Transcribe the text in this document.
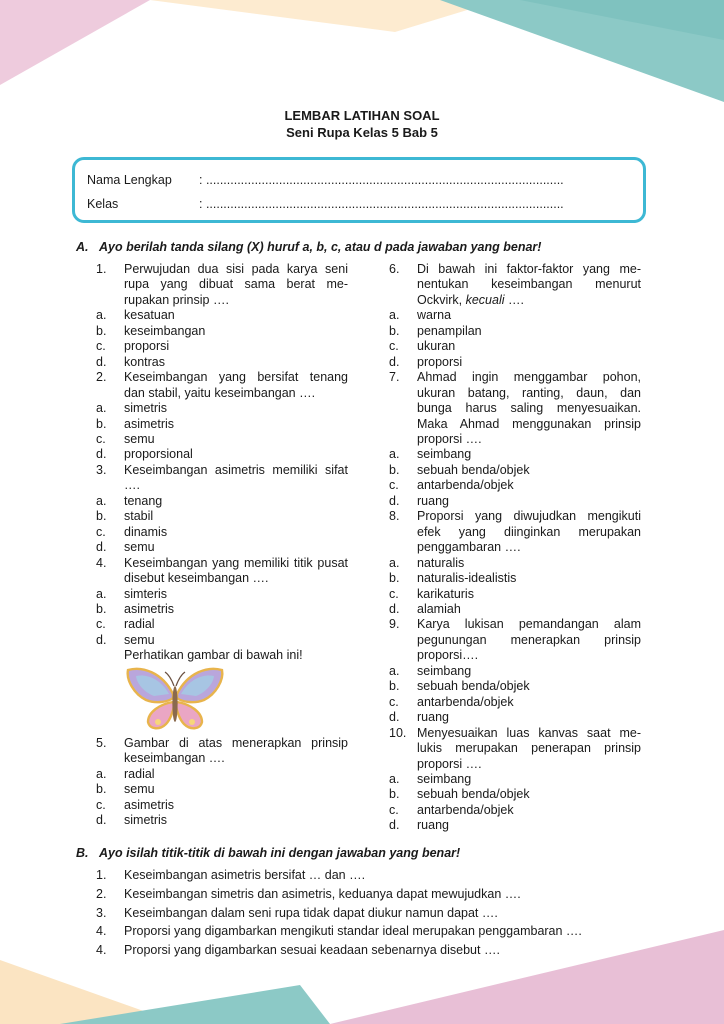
LEMBAR LATIHAN SOAL
Seni Rupa Kelas 5 Bab 5
Nama Lengkap : .......................................................................................................
Kelas	: .......................................................................................................
A. Ayo berilah tanda silang (X) huruf a, b, c, atau d pada jawaban yang benar!
1. Perwujudan dua sisi pada karya seni rupa yang dibuat sama berat me-rupakan prinsip ….
a. kesatuan
b. keseimbangan
c. proporsi
d. kontras
2. Keseimbangan yang bersifat tenang dan stabil, yaitu keseimbangan ….
a. simetris
b. asimetris
c. semu
d. proporsional
3. Keseimbangan asimetris memiliki sifat ….
a. tenang
b. stabil
c. dinamis
d. semu
4. Keseimbangan yang memiliki titik pusat disebut keseimbangan ….
a. simteris
b. asimetris
c. radial
d. semu
Perhatikan gambar di bawah ini!
5. Gambar di atas menerapkan prinsip keseimbangan ….
a. radial
b. semu
c. asimetris
d. simetris
6. Di bawah ini faktor-faktor yang me-nentukan keseimbangan menurut Ockvirk, kecuali ….
a. warna
b. penampilan
c. ukuran
d. proporsi
7. Ahmad ingin menggambar pohon, ukuran batang, ranting, daun, dan bunga harus saling menyesuaikan. Maka Ahmad menggunakan prinsip proporsi ….
a. seimbang
b. sebuah benda/objek
c. antarbenda/objek
d. ruang
8. Proporsi yang diwujudkan mengikuti efek yang diinginkan merupakan penggambaran ….
a. naturalis
b. naturalis-idealistis
c. karikaturis
d. alamiah
9. Karya lukisan pemandangan alam pegunungan menerapkan prinsip proporsi….
a. seimbang
b. sebuah benda/objek
c. antarbenda/objek
d. ruang
10. Menyesuaikan luas kanvas saat me-lukis merupakan penerapan prinsip proporsi ….
a. seimbang
b. sebuah benda/objek
c. antarbenda/objek
d. ruang
B. Ayo isilah titik-titik di bawah ini dengan jawaban yang benar!
1. Keseimbangan asimetris bersifat … dan ….
2. Keseimbangan simetris dan asimetris, keduanya dapat mewujudkan ….
3. Keseimbangan dalam seni rupa tidak dapat diukur namun dapat ….
4. Proporsi yang digambarkan mengikuti standar ideal merupakan penggambaran ….
4. Proporsi yang digambarkan sesuai keadaan sebenarnya disebut ….
